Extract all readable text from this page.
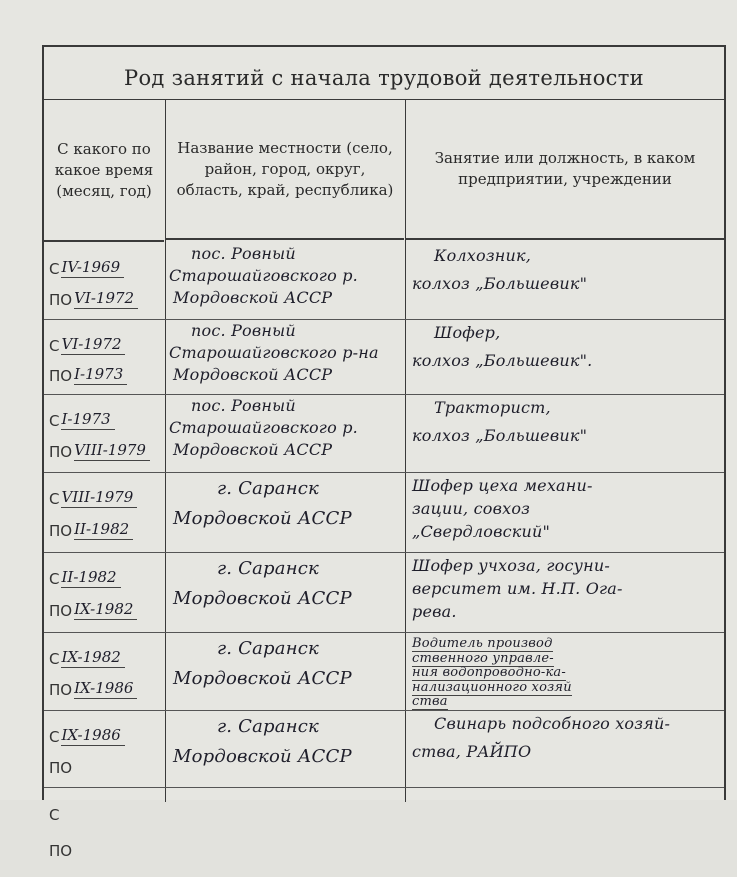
Род занятий с начала трудовой деятельности
С какого по какое время (месяц, год)
Название местности (село, район, город, округ, область, край, республика)
Занятие или должность, в каком предприятии, учреждении
С IV-1969
ПО VI-1972
пос. Ровный
Старошайговского р.
Мордовской АССР
Колхозник,
колхоз „Большевик"
С VI-1972
ПО I-1973
пос. Ровный
Старошайговского р-на
Мордовской АССР
Шофер,
колхоз „Большевик".
С I-1973
ПО VIII-1979
пос. Ровный
Старошайговского р.
Мордовской АССР
Тракторист,
колхоз „Большевик"
С VIII-1979
ПО II-1982
г. Саранск
Мордовской АССР
Шофер цеха механи-
зации, совхоз
„Свердловский"
С II-1982
ПО IX-1982
г. Саранск
Мордовской АССР
Шофер учхоза, госуни-
верситет им. Н.П. Ога-
рева.
С IX-1982
ПО IX-1986
г. Саранск
Мордовской АССР
Водитель производ
ственного управле-
ния водопроводно-ка-
нализационного хозяй
ства
С IX-1986
ПО
г. Саранск
Мордовской АССР
Свинарь подсобного хозяй-
ства, РАЙПО
С
ПО
